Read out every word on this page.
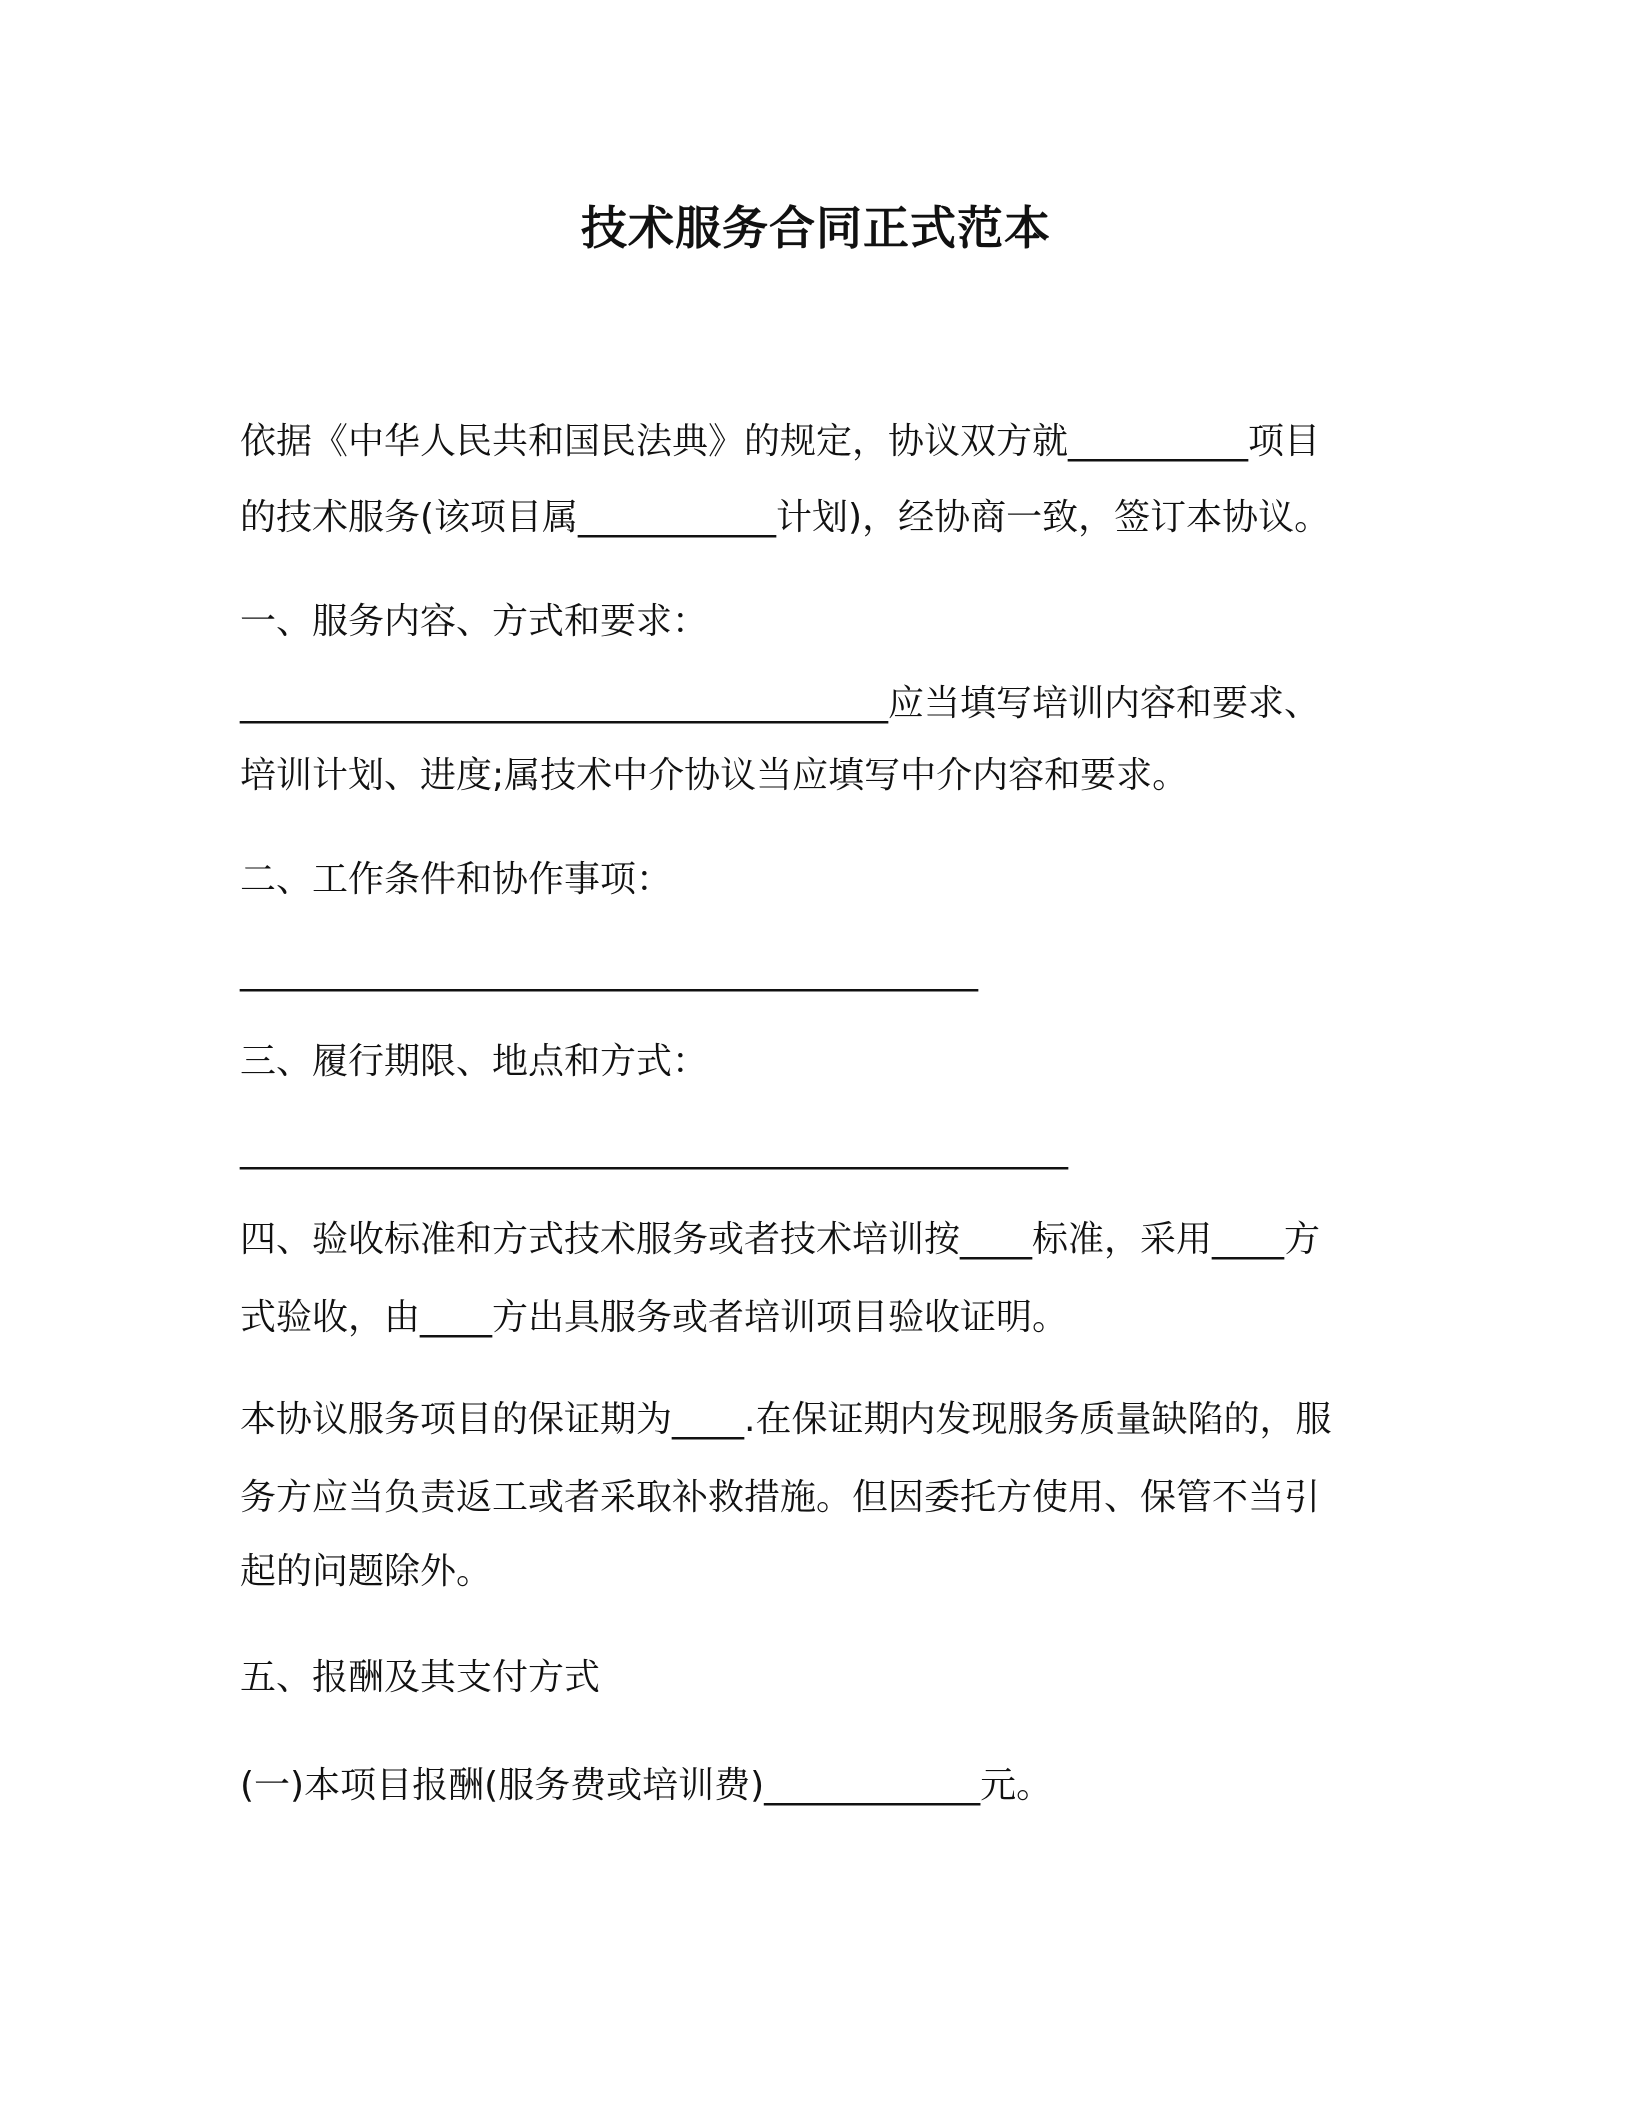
技术服务合同正式范本
依据《中华人民共和国民法典》的规定，协议双方就__________项目
的技术服务(该项目属___________计划)，经协商一致，签订本协议。
一、服务内容、方式和要求：
____________________________________应当填写培训内容和要求、
培训计划、进度;属技术中介协议当应填写中介内容和要求。
二、工作条件和协作事项：
_________________________________________
三、履行期限、地点和方式：
______________________________________________
四、验收标准和方式技术服务或者技术培训按____标准，采用____方
式验收，由____方出具服务或者培训项目验收证明。
本协议服务项目的保证期为____.在保证期内发现服务质量缺陷的，服
务方应当负责返工或者采取补救措施。但因委托方使用、保管不当引
起的问题除外。
五、报酬及其支付方式
(一)本项目报酬(服务费或培训费)____________元。
